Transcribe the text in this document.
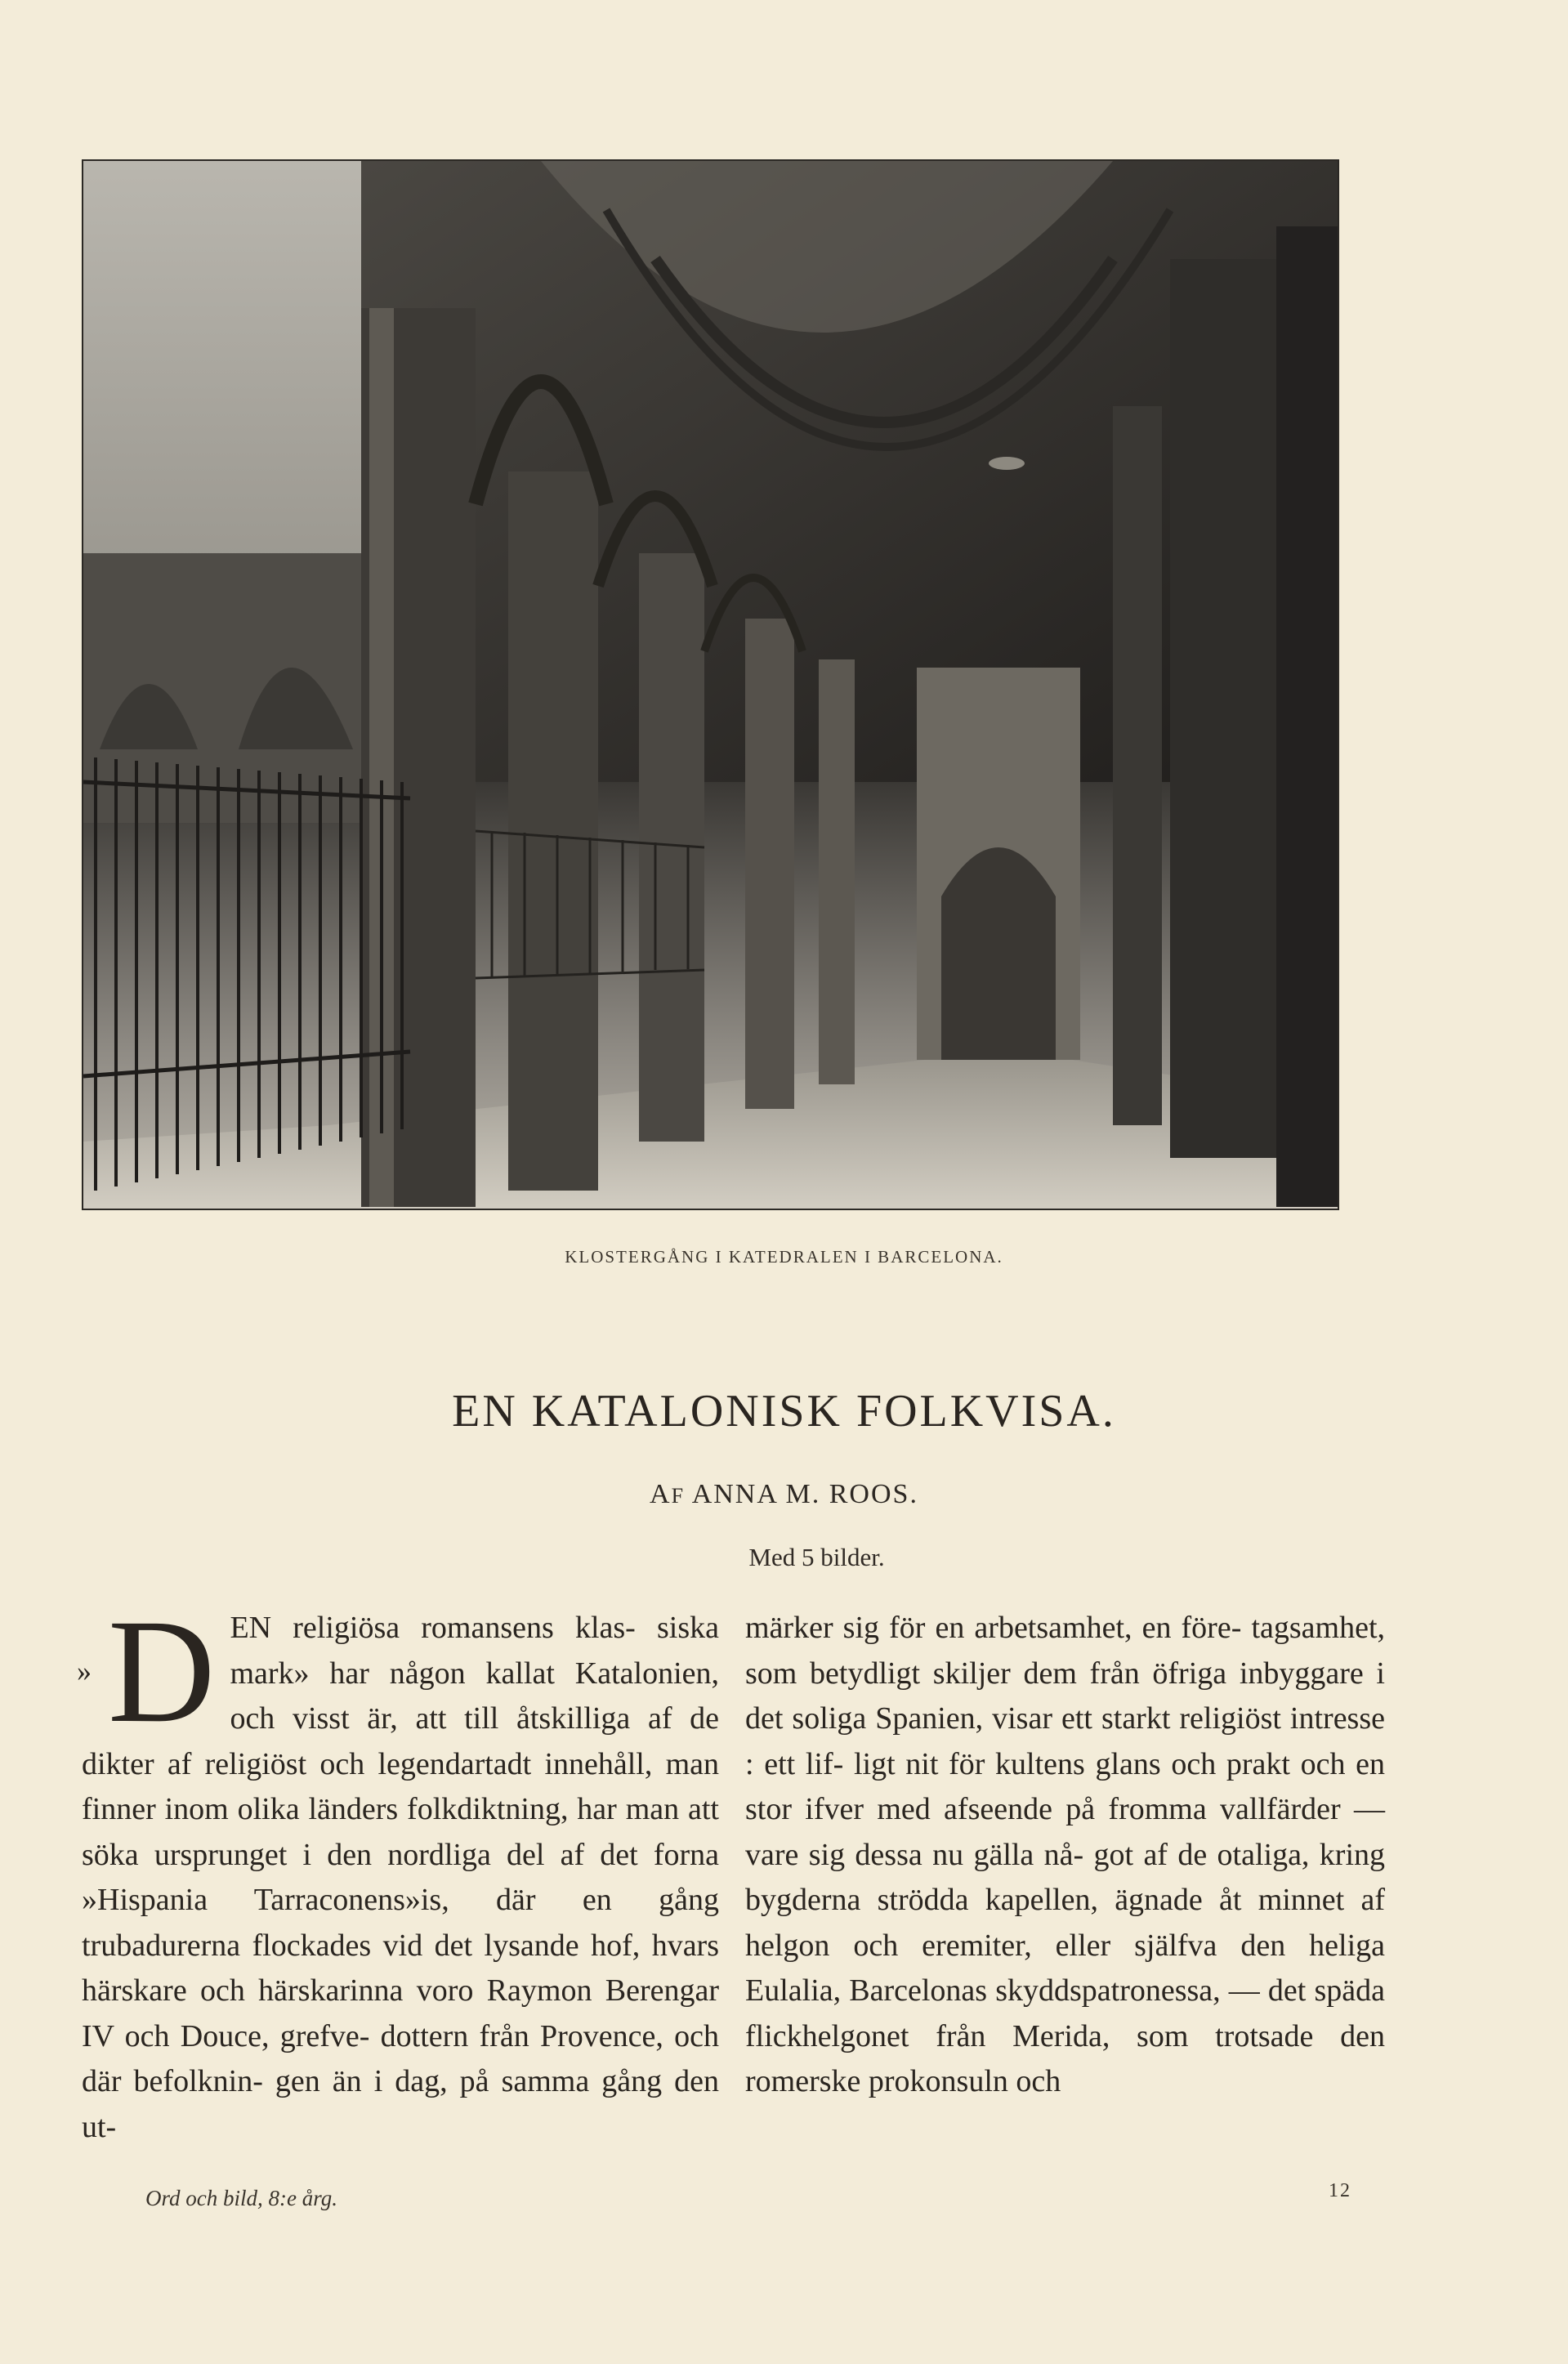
KLOSTERGÅNG I KATEDRALEN I BARCELONA.
EN KATALONISK FOLKVISA.
AF ANNA M. ROOS.
Med 5 bilder.
» D EN religiösa romansens klas- siska mark» har någon kallat Katalonien, och visst är, att till åtskilliga af de dikter af religiöst och legendartadt innehåll, man finner inom olika länders folkdiktning, har man att söka ursprunget i den nordliga del af det forna »Hispania Tarraconens»is, där en gång trubadurerna flockades vid det lysande hof, hvars härskare och härskarinna voro Raymon Berengar IV och Douce, grefve- dottern från Provence, och där befolknin- gen än i dag, på samma gång den ut-
märker sig för en arbetsamhet, en före- tagsamhet, som betydligt skiljer dem från öfriga inbyggare i det soliga Spanien, visar ett starkt religiöst intresse : ett lif- ligt nit för kultens glans och prakt och en stor ifver med afseende på fromma vallfärder — vare sig dessa nu gälla nå- got af de otaliga, kring bygderna strödda kapellen, ägnade åt minnet af helgon och eremiter, eller själfva den heliga Eulalia, Barcelonas skyddspatronessa, — det späda flickhelgonet från Merida, som trotsade den romerske prokonsuln och
Ord och bild, 8:e årg.	12
